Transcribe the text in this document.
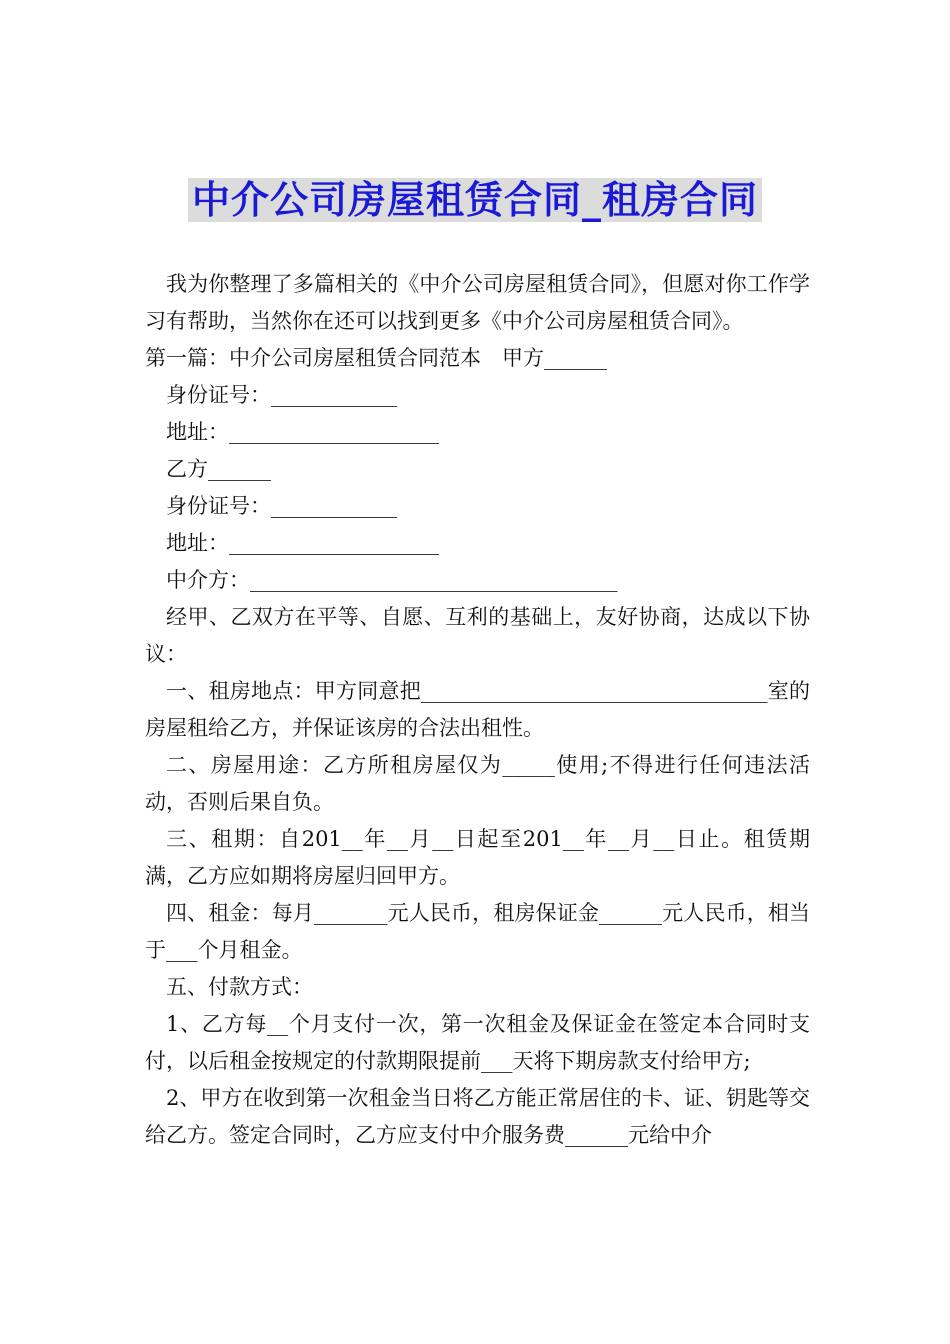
中介公司房屋租赁合同_租房合同

我为你整理了多篇相关的《中介公司房屋租赁合同》，但愿对你工作学习有帮助，当然你在还可以找到更多《中介公司房屋租赁合同》。

第一篇：中介公司房屋租赁合同范本　甲方______

身份证号：____________

地址：____________________

乙方______

身份证号：____________

地址：____________________

中介方：___________________________________

经甲、乙双方在平等、自愿、互利的基础上，友好协商，达成以下协议：

一、租房地点：甲方同意把_________________________________室的房屋租给乙方，并保证该房的合法出租性。

二、房屋用途：乙方所租房屋仅为_____使用;不得进行任何违法活动，否则后果自负。

三、租期：自201__年__月__日起至201__年__月__日止。租赁期满，乙方应如期将房屋归回甲方。

四、租金：每月_______元人民币，租房保证金______元人民币，相当于___个月租金。

五、付款方式：

1、乙方每__个月支付一次，第一次租金及保证金在签定本合同时支付，以后租金按规定的付款期限提前___天将下期房款支付给甲方;

2、甲方在收到第一次租金当日将乙方能正常居住的卡、证、钥匙等交给乙方。签定合同时，乙方应支付中介服务费______元给中介
